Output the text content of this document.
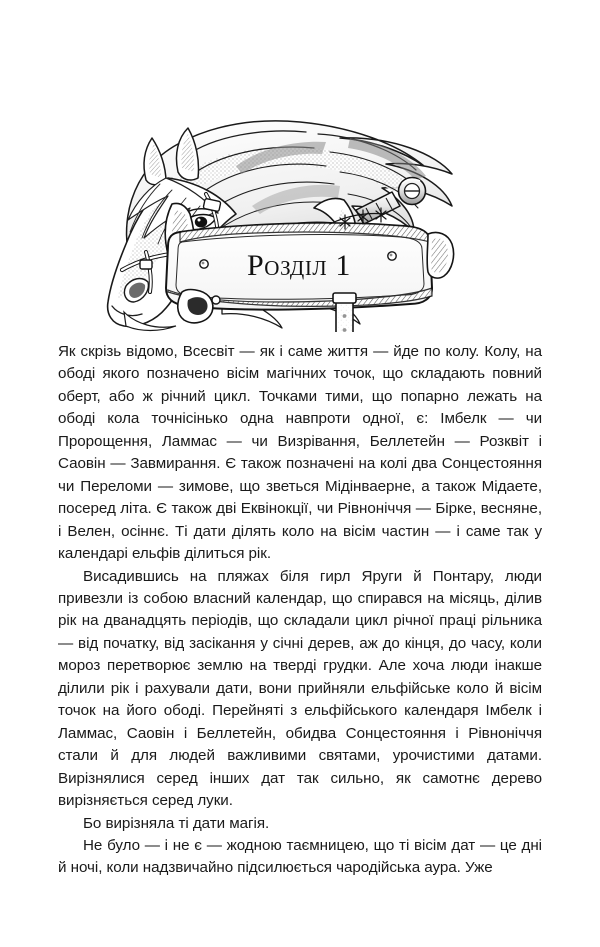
Розділ 1

Як скрізь відомо, Всесвіт — як і саме життя — йде по колу. Колу, на ободі якого позначено вісім магічних точок, що складають повний оберт, або ж річний цикл. Точками тими, що попарно лежать на ободі кола точнісінько одна навпроти одної, є: Імбелк — чи Пророщення, Ламмас — чи Визрівання, Беллетейн — Розквіт і Саовін — Завмирання. Є також позначені на колі два Сонцестояння чи Переломи — зимове, що зветься Мідінваерне, а також Мідаете, посеред літа. Є також дві Еквінокції, чи Рівноніччя — Бірке, весняне, і Велен, осіннє. Ті дати ділять коло на вісім частин — і саме так у календарі ельфів ділиться рік.

Висадившись на пляжах біля гирл Яруги й Понтару, люди привезли із собою власний календар, що спирався на місяць, ділив рік на дванадцять періодів, що складали цикл річної праці рільника — від початку, від засікання у січні дерев, аж до кінця, до часу, коли мороз перетворює землю на тверді грудки. Але хоча люди інакше ділили рік і рахували дати, вони прийняли ельфійське коло й вісім точок на його ободі. Перейняті з ельфійського календаря Імбелк і Ламмас, Саовін і Беллетейн, обидва Сонцестояння і Рівноніччя стали й для людей важливими святами, урочистими датами. Вирізнялися серед інших дат так сильно, як самотнє дерево вирізняється серед луки.

Бо вирізняла ті дати магія.

Не було — і не є — жодною таємницею, що ті вісім дат — це дні й ночі, коли надзвичайно підсилюється чародійська аура. Уже
